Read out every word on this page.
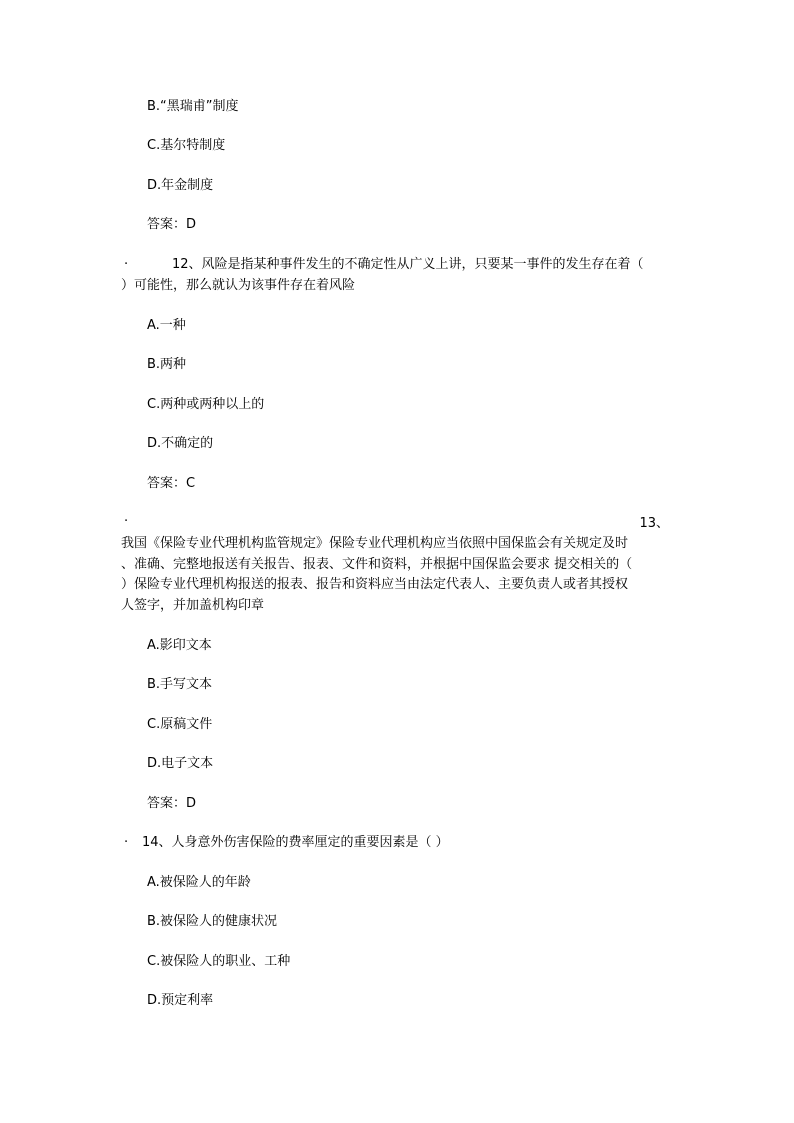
B.“黑瑞甫”制度
C.基尔特制度
D.年金制度
答案：D
·	12、风险是指某种事件发生的不确定性从广义上讲，只要某一事件的发生存在着（
）可能性，那么就认为该事件存在着风险
A.一种
B.两种
C.两种或两种以上的
D.不确定的
答案：C
·	13、
我国《保险专业代理机构监管规定》保险专业代理机构应当依照中国保监会有关规定及时
、准确、完整地报送有关报告、报表、文件和资料，并根据中国保监会要求 提交相关的（
）保险专业代理机构报送的报表、报告和资料应当由法定代表人、主要负责人或者其授权
人签字，并加盖机构印章
A.影印文本
B.手写文本
C.原稿文件
D.电子文本
答案：D
· 14、人身意外伤害保险的费率厘定的重要因素是（ ）
A.被保险人的年龄
B.被保险人的健康状况
C.被保险人的职业、工种
D.预定利率
